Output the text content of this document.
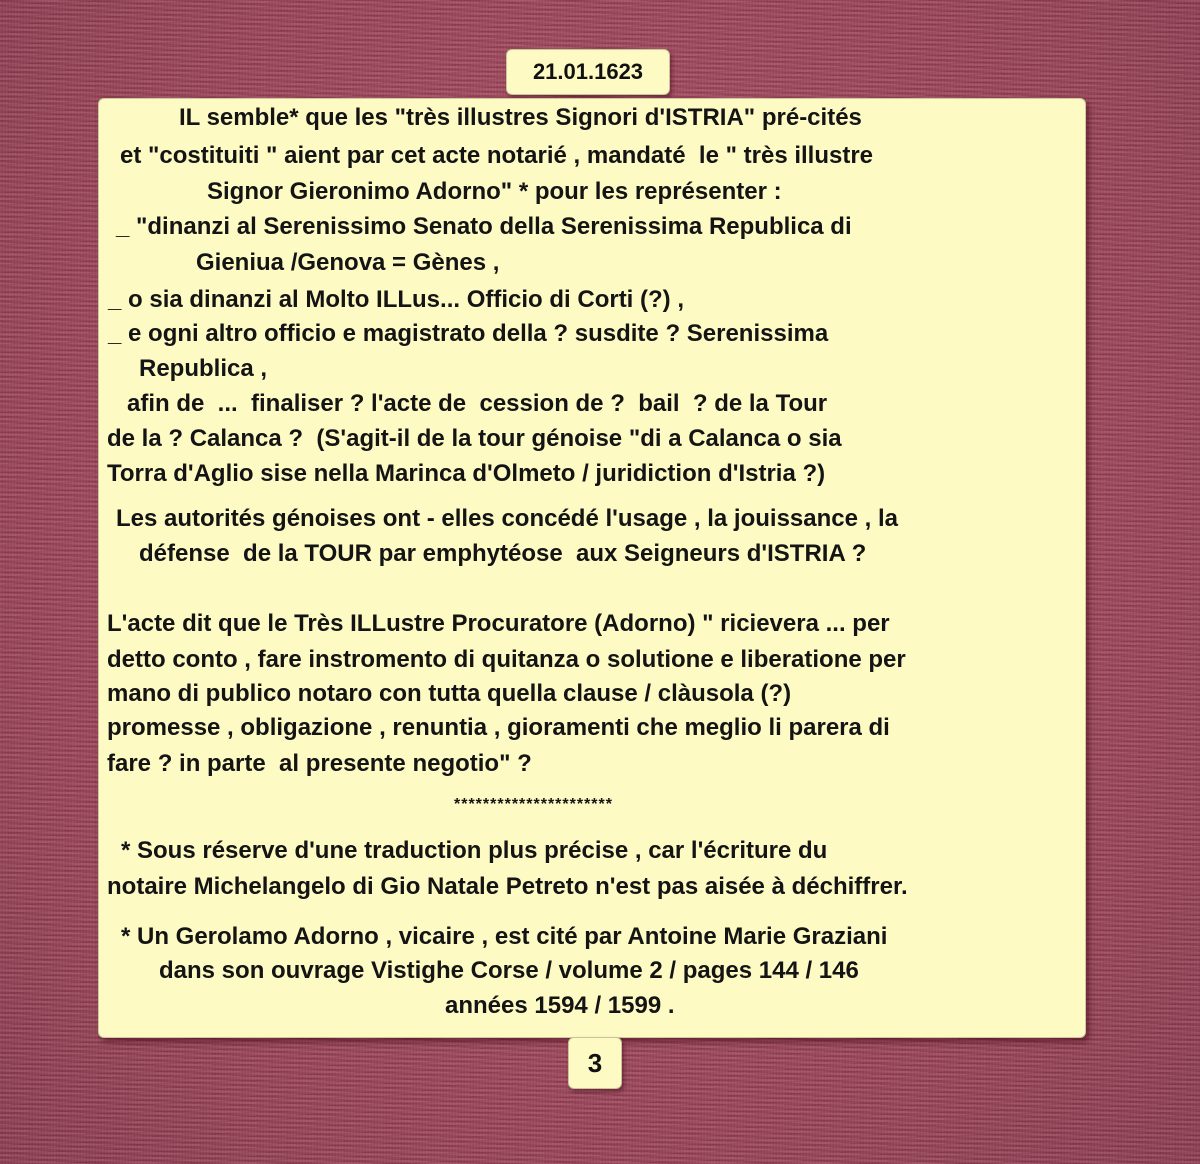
21.01.1623
IL semble* que les "très illustres Signori d'ISTRIA" pré-cités
et "costituiti " aient par cet acte notarié , mandaté  le " très illustre
Signor Gieronimo Adorno" * pour les représenter :
_ "dinanzi al Serenissimo Senato della Serenissima Republica di
Gieniua /Genova = Gènes ,
_ o sia dinanzi al Molto ILLus... Officio di Corti (?) ,
_ e ogni altro officio e magistrato della ? susdite ? Serenissima
Republica ,
afin de  ...  finaliser ? l'acte de  cession de ?  bail  ? de la Tour
de la ? Calanca ?  (S'agit-il de la tour génoise "di a Calanca o sia
Torra d'Aglio sise nella Marinca d'Olmeto / juridiction d'Istria ?)
Les autorités génoises ont - elles concédé l'usage , la jouissance , la
défense  de la TOUR par emphytéose  aux Seigneurs d'ISTRIA ?
L'acte dit que le Très ILLustre Procuratore (Adorno) " ricievera ... per
detto conto , fare instromento di quitanza o solutione e liberatione per
mano di publico notaro con tutta quella clause / clàusola (?)
promesse , obligazione , renuntia , gioramenti che meglio li parera di
fare ? in parte  al presente negotio" ?
**********************
* Sous réserve d'une traduction plus précise , car l'écriture du
notaire Michelangelo di Gio Natale Petreto n'est pas aisée à déchiffrer.
* Un Gerolamo Adorno , vicaire , est cité par Antoine Marie Graziani
dans son ouvrage Vistighe Corse / volume 2 / pages 144 / 146
années 1594 / 1599 .
3
